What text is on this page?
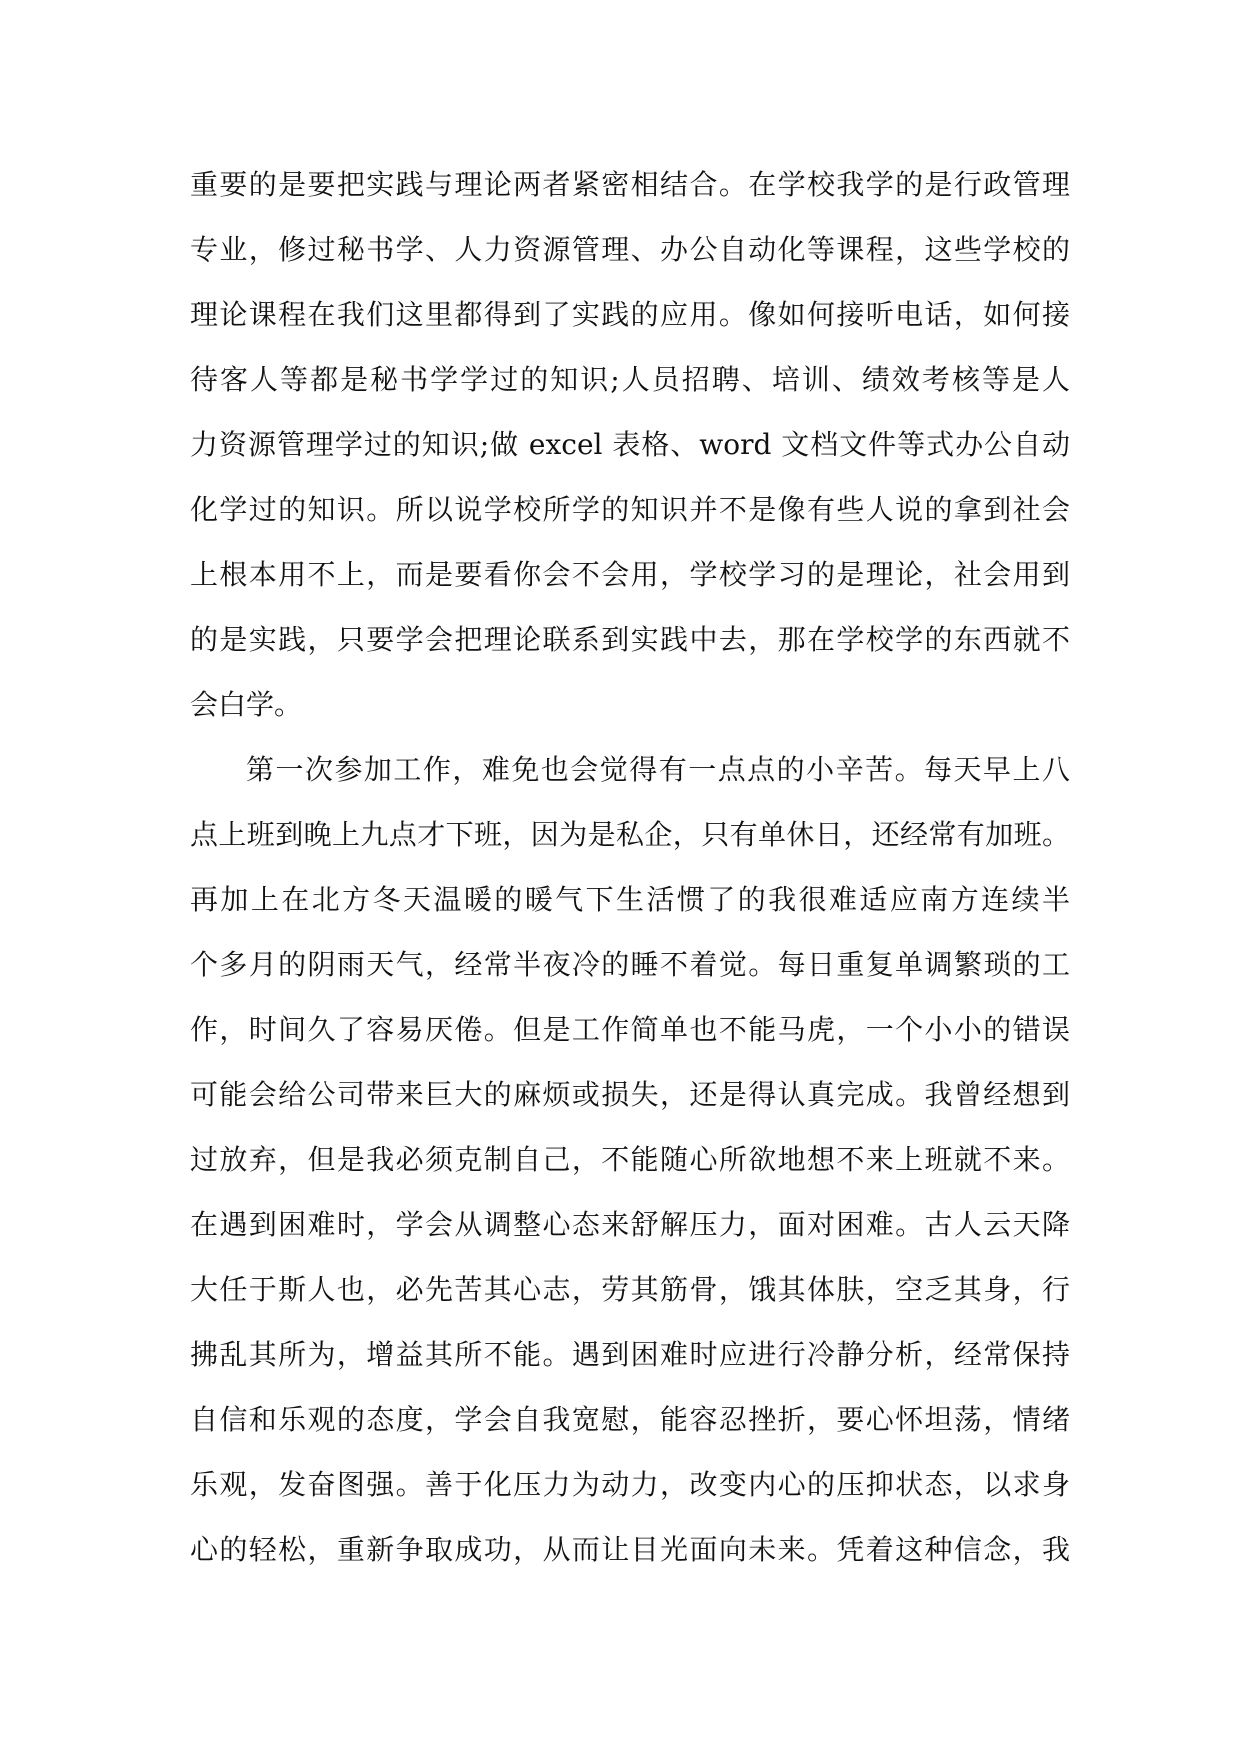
重要的是要把实践与理论两者紧密相结合。在学校我学的是行政管理
专业，修过秘书学、人力资源管理、办公自动化等课程，这些学校的
理论课程在我们这里都得到了实践的应用。像如何接听电话，如何接
待客人等都是秘书学学过的知识;人员招聘、培训、绩效考核等是人
力资源管理学过的知识;做 excel 表格、word 文档文件等式办公自动
化学过的知识。所以说学校所学的知识并不是像有些人说的拿到社会
上根本用不上，而是要看你会不会用，学校学习的是理论，社会用到
的是实践，只要学会把理论联系到实践中去，那在学校学的东西就不
会白学。
第一次参加工作，难免也会觉得有一点点的小辛苦。每天早上八
点上班到晚上九点才下班，因为是私企，只有单休日，还经常有加班。
再加上在北方冬天温暖的暖气下生活惯了的我很难适应南方连续半
个多月的阴雨天气，经常半夜冷的睡不着觉。每日重复单调繁琐的工
作，时间久了容易厌倦。但是工作简单也不能马虎，一个小小的错误
可能会给公司带来巨大的麻烦或损失，还是得认真完成。我曾经想到
过放弃，但是我必须克制自己，不能随心所欲地想不来上班就不来。
在遇到困难时，学会从调整心态来舒解压力，面对困难。古人云天降
大任于斯人也，必先苦其心志，劳其筋骨，饿其体肤，空乏其身，行
拂乱其所为，增益其所不能。遇到困难时应进行冷静分析，经常保持
自信和乐观的态度，学会自我宽慰，能容忍挫折，要心怀坦荡，情绪
乐观，发奋图强。善于化压力为动力，改变内心的压抑状态，以求身
心的轻松，重新争取成功，从而让目光面向未来。凭着这种信念，我
